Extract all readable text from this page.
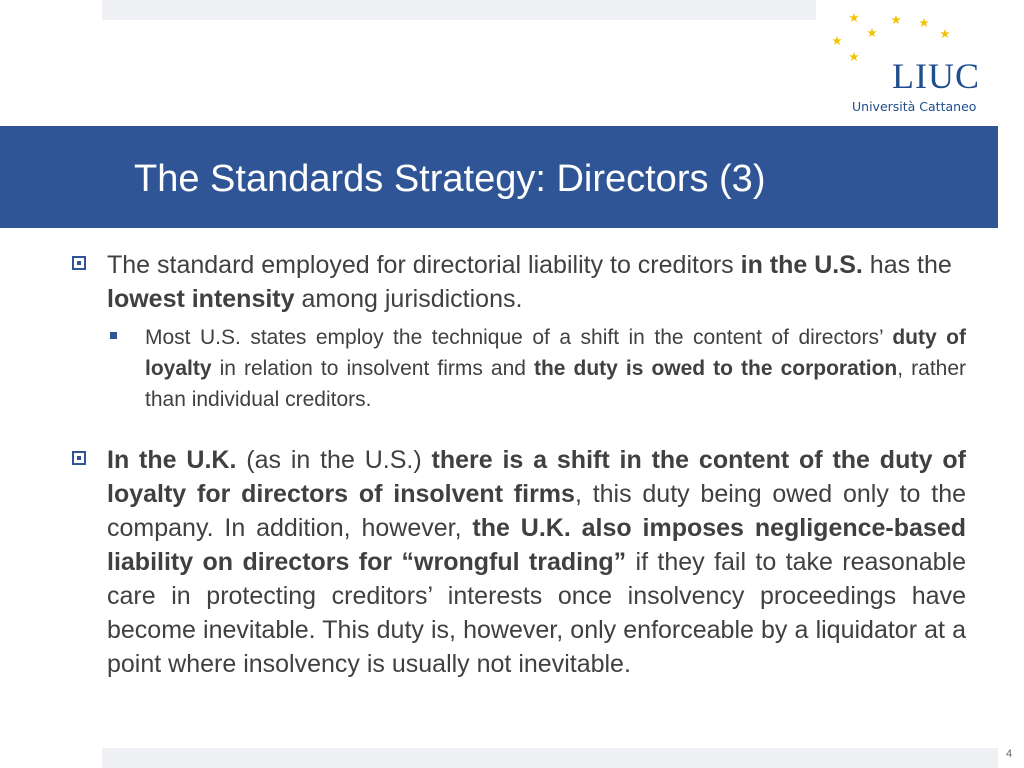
LIUC
Università Cattaneo
The Standards Strategy: Directors (3)
The standard employed for directorial liability to creditors in the U.S. has the lowest intensity among jurisdictions.
Most U.S. states employ the technique of a shift in the content of directors’ duty of loyalty in relation to insolvent firms and the duty is owed to the corporation, rather than individual creditors.
In the U.K. (as in the U.S.) there is a shift in the content of the duty of loyalty for directors of insolvent firms, this duty being owed only to the company. In addition, however, the U.K. also imposes negligence-based liability on directors for “wrongful trading” if they fail to take reasonable care in protecting creditors’ interests once insolvency proceedings have become inevitable. This duty is, however, only enforceable by a liquidator at a point where insolvency is usually not inevitable.
4
